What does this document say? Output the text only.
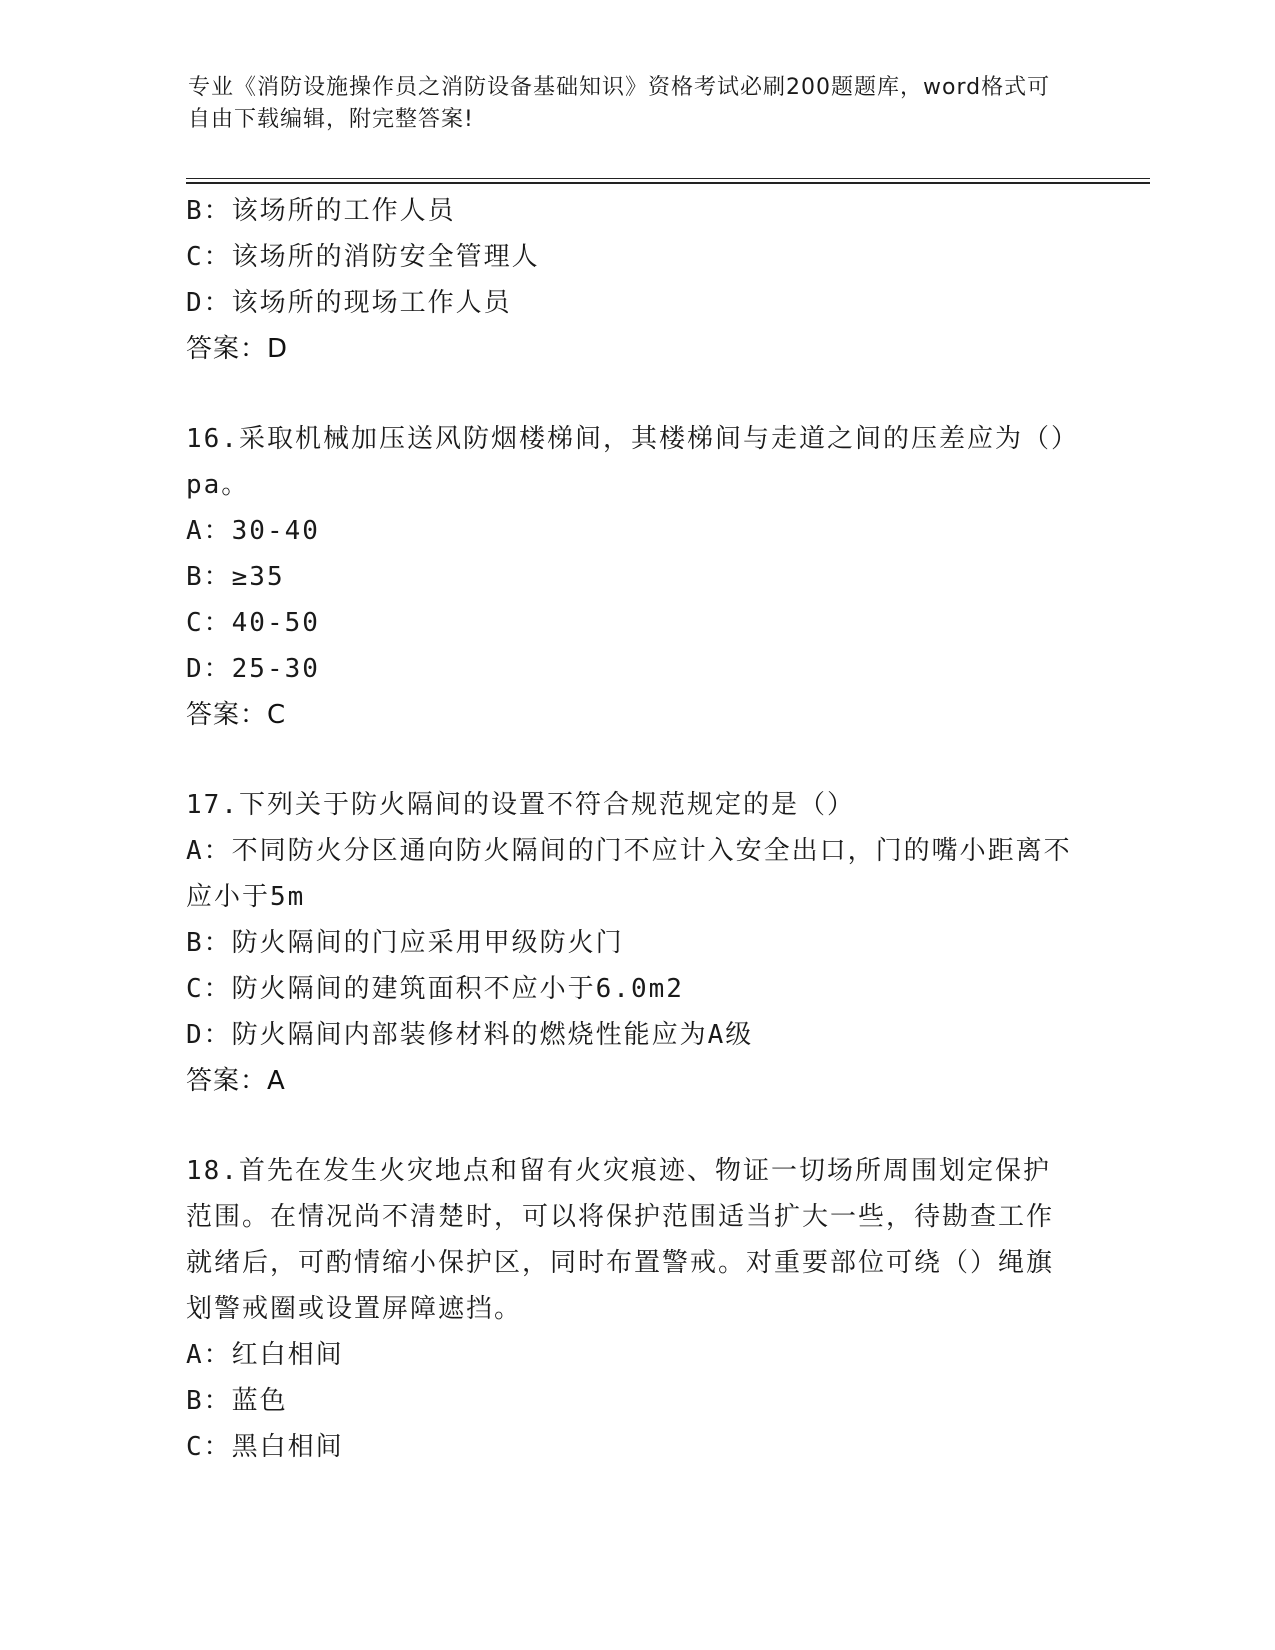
专业《消防设施操作员之消防设备基础知识》资格考试必刷200题题库，word格式可自由下载编辑，附完整答案!
B：该场所的工作人员
C：该场所的消防安全管理人
D：该场所的现场工作人员
答案：D
16.采取机械加压送风防烟楼梯间，其楼梯间与走道之间的压差应为（）pa。
A：30-40
B：≥35
C：40-50
D：25-30
答案：C
17.下列关于防火隔间的设置不符合规范规定的是（）
A：不同防火分区通向防火隔间的门不应计入安全出口，门的嘴小距离不应小于5m
B：防火隔间的门应采用甲级防火门
C：防火隔间的建筑面积不应小于6.0m2
D：防火隔间内部装修材料的燃烧性能应为A级
答案：A
18.首先在发生火灾地点和留有火灾痕迹、物证一切场所周围划定保护范围。在情况尚不清楚时，可以将保护范围适当扩大一些，待勘查工作就绪后，可酌情缩小保护区，同时布置警戒。对重要部位可绕（）绳旗划警戒圈或设置屏障遮挡。
A：红白相间
B：蓝色
C：黑白相间
